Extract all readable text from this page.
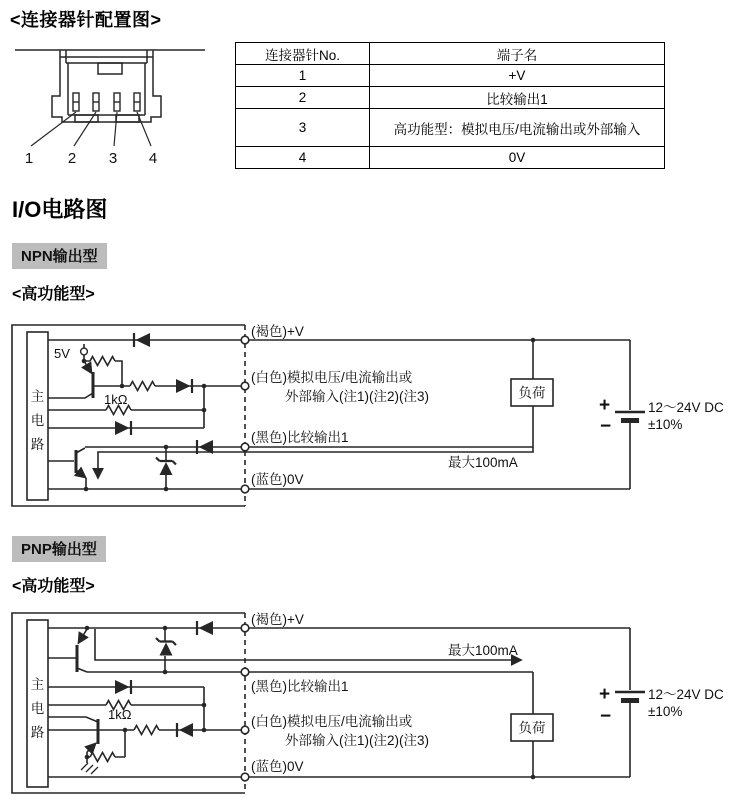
1 2 3 4
5V
1kΩ
(褐色)+V
(白色)模拟电压/电流输出或
外部输入(注1)(注2)(注3)
(黑色)比较输出1
(蓝色)0V
最大100mA
负荷
+
−
12～24V DC
±10%
主
电
路
1kΩ
(褐色)+V
(黑色)比较输出1
(白色)模拟电压/电流输出或
外部输入(注1)(注2)(注3)
(蓝色)0V
最大100mA
负荷
+
−
12～24V DC
±10%
主
电
路
<连接器针配置图>
连接器针No.	端子名
1	+V
2	比较输出1
3	高功能型：模拟电压/电流输出或外部输入
4	0V
I/O电路图
NPN输出型
<高功能型>
PNP输出型
<高功能型>
